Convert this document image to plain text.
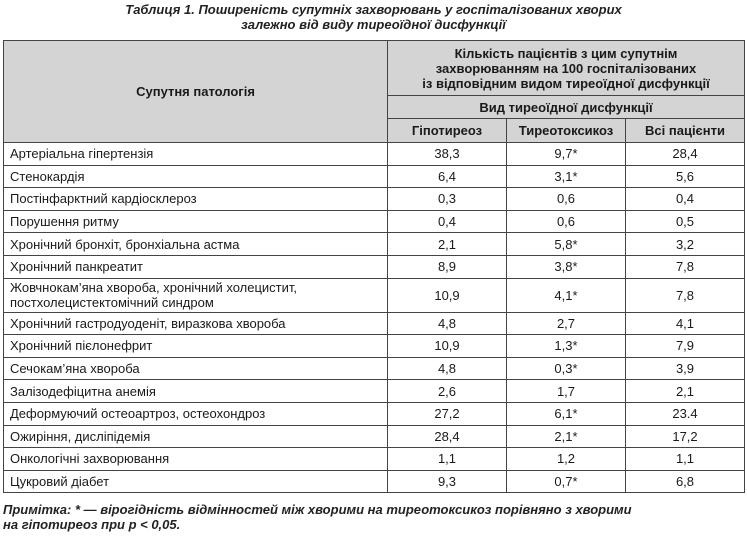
Таблиця 1. Поширеність супутніх захворювань у госпіталізованих хворих
залежно від виду тиреоїдної дисфункції
Супутня патологія	Кількість пацієнтів з цим супутнім
захворюванням на 100 госпіталізованих
із відповідним видом тиреоїдної дисфункції		

	Вид тиреоїдної дисфункції		
	Гіпотиреоз	Тиреотоксикоз	Всі пацієнти
Артеріальна гіпертензія	38,3	9,7*	28,4
Стенокардія	6,4	3,1*	5,6
Постінфарктний кардіосклероз	0,3	0,6	0,4
Порушення ритму	0,4	0,6	0,5
Хронічний бронхіт, бронхіальна астма	2,1	5,8*	3,2
Хронічний панкреатит	8,9	3,8*	7,8

Жовчнокам’яна хвороба, хронічний холецистит,
постхолецистектомічний синдром	10,9	4,1*	7,8
Хронічний гастродуоденіт, виразкова хвороба	4,8	2,7	4,1
Хронічний пієлонефрит	10,9	1,3*	7,9
Сечокам’яна хвороба	4,8	0,3*	3,9
Залізодефіцитна анемія	2,6	1,7	2,1
Деформуючий остеоартроз, остеохондроз	27,2	6,1*	23.4
Ожиріння, дисліпідемія	28,4	2,1*	17,2
Онкологічні захворювання	1,1	1,2	1,1
Цукровий діабет	9,3	0,7*	6,8
Примітка: * — вірогідність відмінностей між хворими на тиреотоксикоз порівняно з хворими
на гіпотиреоз при p < 0,05.
